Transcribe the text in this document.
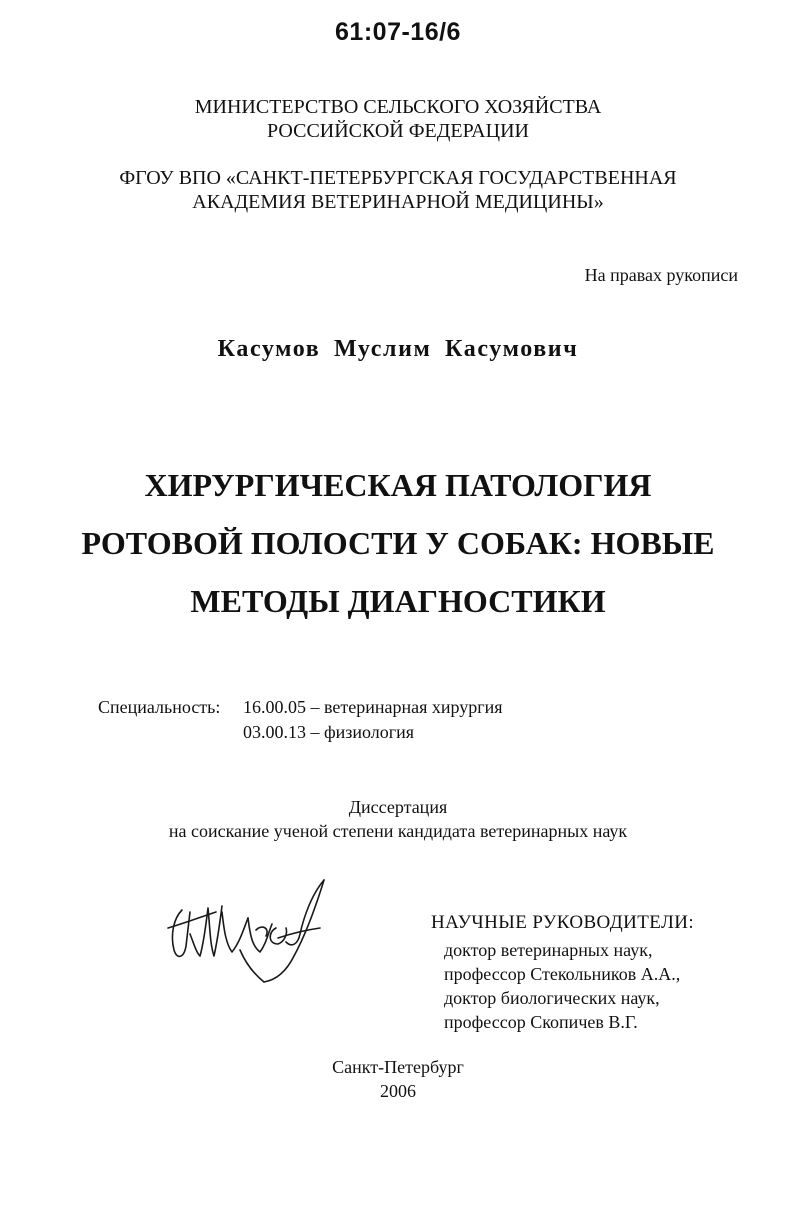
61:07-16/6
МИНИСТЕРСТВО СЕЛЬСКОГО ХОЗЯЙСТВА
РОССИЙСКОЙ ФЕДЕРАЦИИ
ФГОУ ВПО «САНКТ-ПЕТЕРБУРГСКАЯ ГОСУДАРСТВЕННАЯ
АКАДЕМИЯ ВЕТЕРИНАРНОЙ МЕДИЦИНЫ»
На правах рукописи
Касумов Муслим Касумович
ХИРУРГИЧЕСКАЯ ПАТОЛОГИЯ
РОТОВОЙ ПОЛОСТИ У СОБАК: НОВЫЕ
МЕТОДЫ ДИАГНОСТИКИ
Специальность: 16.00.05 – ветеринарная хирургия
03.00.13 – физиология
Диссертация
на соискание ученой степени кандидата ветеринарных наук
НАУЧНЫЕ РУКОВОДИТЕЛИ:
доктор ветеринарных наук,
профессор Стекольников А.А.,
доктор биологических наук,
профессор Скопичев В.Г.
Санкт-Петербург
2006
